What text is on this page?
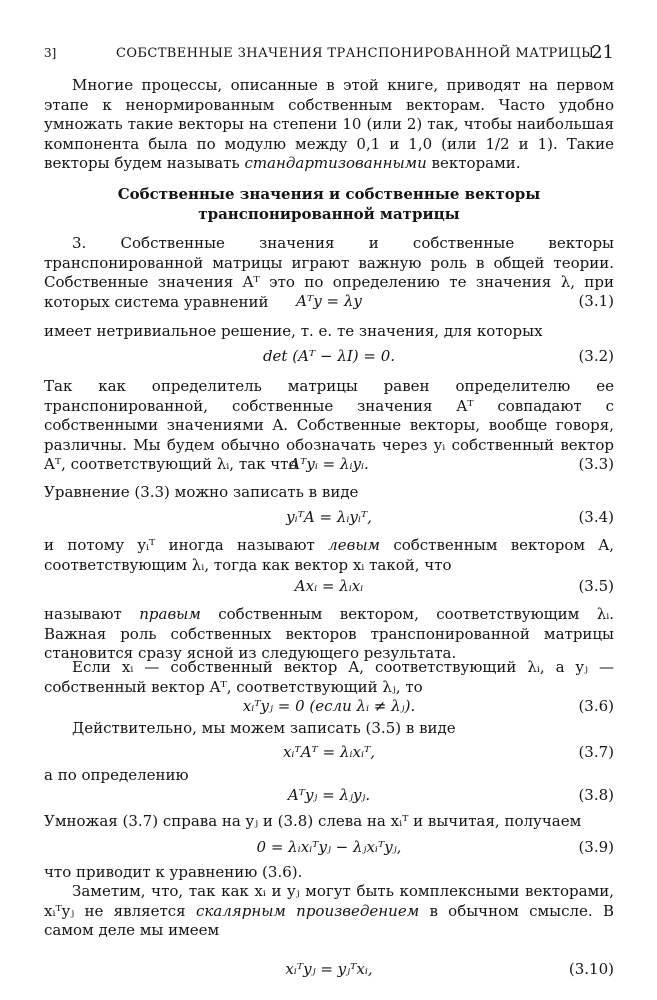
3]	СОБСТВЕННЫЕ ЗНАЧЕНИЯ ТРАНСПОНИРОВАННОЙ МАТРИЦЫ
21

Многие процессы, описанные в этой книге, приводят на первом этапе к ненормированным собственным векторам. Часто удобно умножать такие векторы на степени 10 (или 2) так, чтобы наибольшая компонента была по модулю между 0,1 и 1,0 (или 1/2 и 1). Такие векторы будем называть стандартизованными векторами.

Собственные значения и собственные векторы
транспонированной матрицы

3. Собственные значения и собственные векторы транспонированной матрицы играют важную роль в общей теории. Собственные значения Aᵀ это по определению те значения λ, при которых система уравнений	Aᵀy = λy	(3.1)

имеет нетривиальное решение, т. е. те значения, для которых

det (Aᵀ − λI) = 0.	(3.2)

Так как определитель матрицы равен определителю ее транспонированной, собственные значения Aᵀ совпадают с собственными значениями A. Собственные векторы, вообще говоря, различны. Мы будем обычно обозначать через yᵢ собственный вектор Aᵀ, соответствующий λᵢ, так что

Aᵀyᵢ = λᵢyᵢ.	(3.3)

Уравнение (3.3) можно записать в виде

yᵢᵀA = λᵢyᵢᵀ,	(3.4)

и потому yᵢᵀ иногда называют левым собственным вектором A, соответствующим λᵢ, тогда как вектор xᵢ такой, что

Axᵢ = λᵢxᵢ	(3.5)

называют правым собственным вектором, соответствующим λᵢ. Важная роль собственных векторов транспонированной матрицы становится сразу ясной из следующего результата.

Если xᵢ — собственный вектор A, соответствующий λᵢ, а yⱼ — собственный вектор Aᵀ, соответствующий λⱼ, то

xᵢᵀyⱼ = 0 (если λᵢ ≠ λⱼ).	(3.6)

Действительно, мы можем записать (3.5) в виде

xᵢᵀAᵀ = λᵢxᵢᵀ,	(3.7)

а по определению

Aᵀyⱼ = λⱼyⱼ.	(3.8)

Умножая (3.7) справа на yⱼ и (3.8) слева на xᵢᵀ и вычитая, получаем

0 = λᵢxᵢᵀyⱼ − λⱼxᵢᵀyⱼ,	(3.9)

что приводит к уравнению (3.6).

Заметим, что, так как xᵢ и yⱼ могут быть комплексными векторами, xᵢᵀyⱼ не является скалярным произведением в обычном смысле. В самом деле мы имеем

xᵢᵀyⱼ = yⱼᵀxᵢ,	(3.10)
